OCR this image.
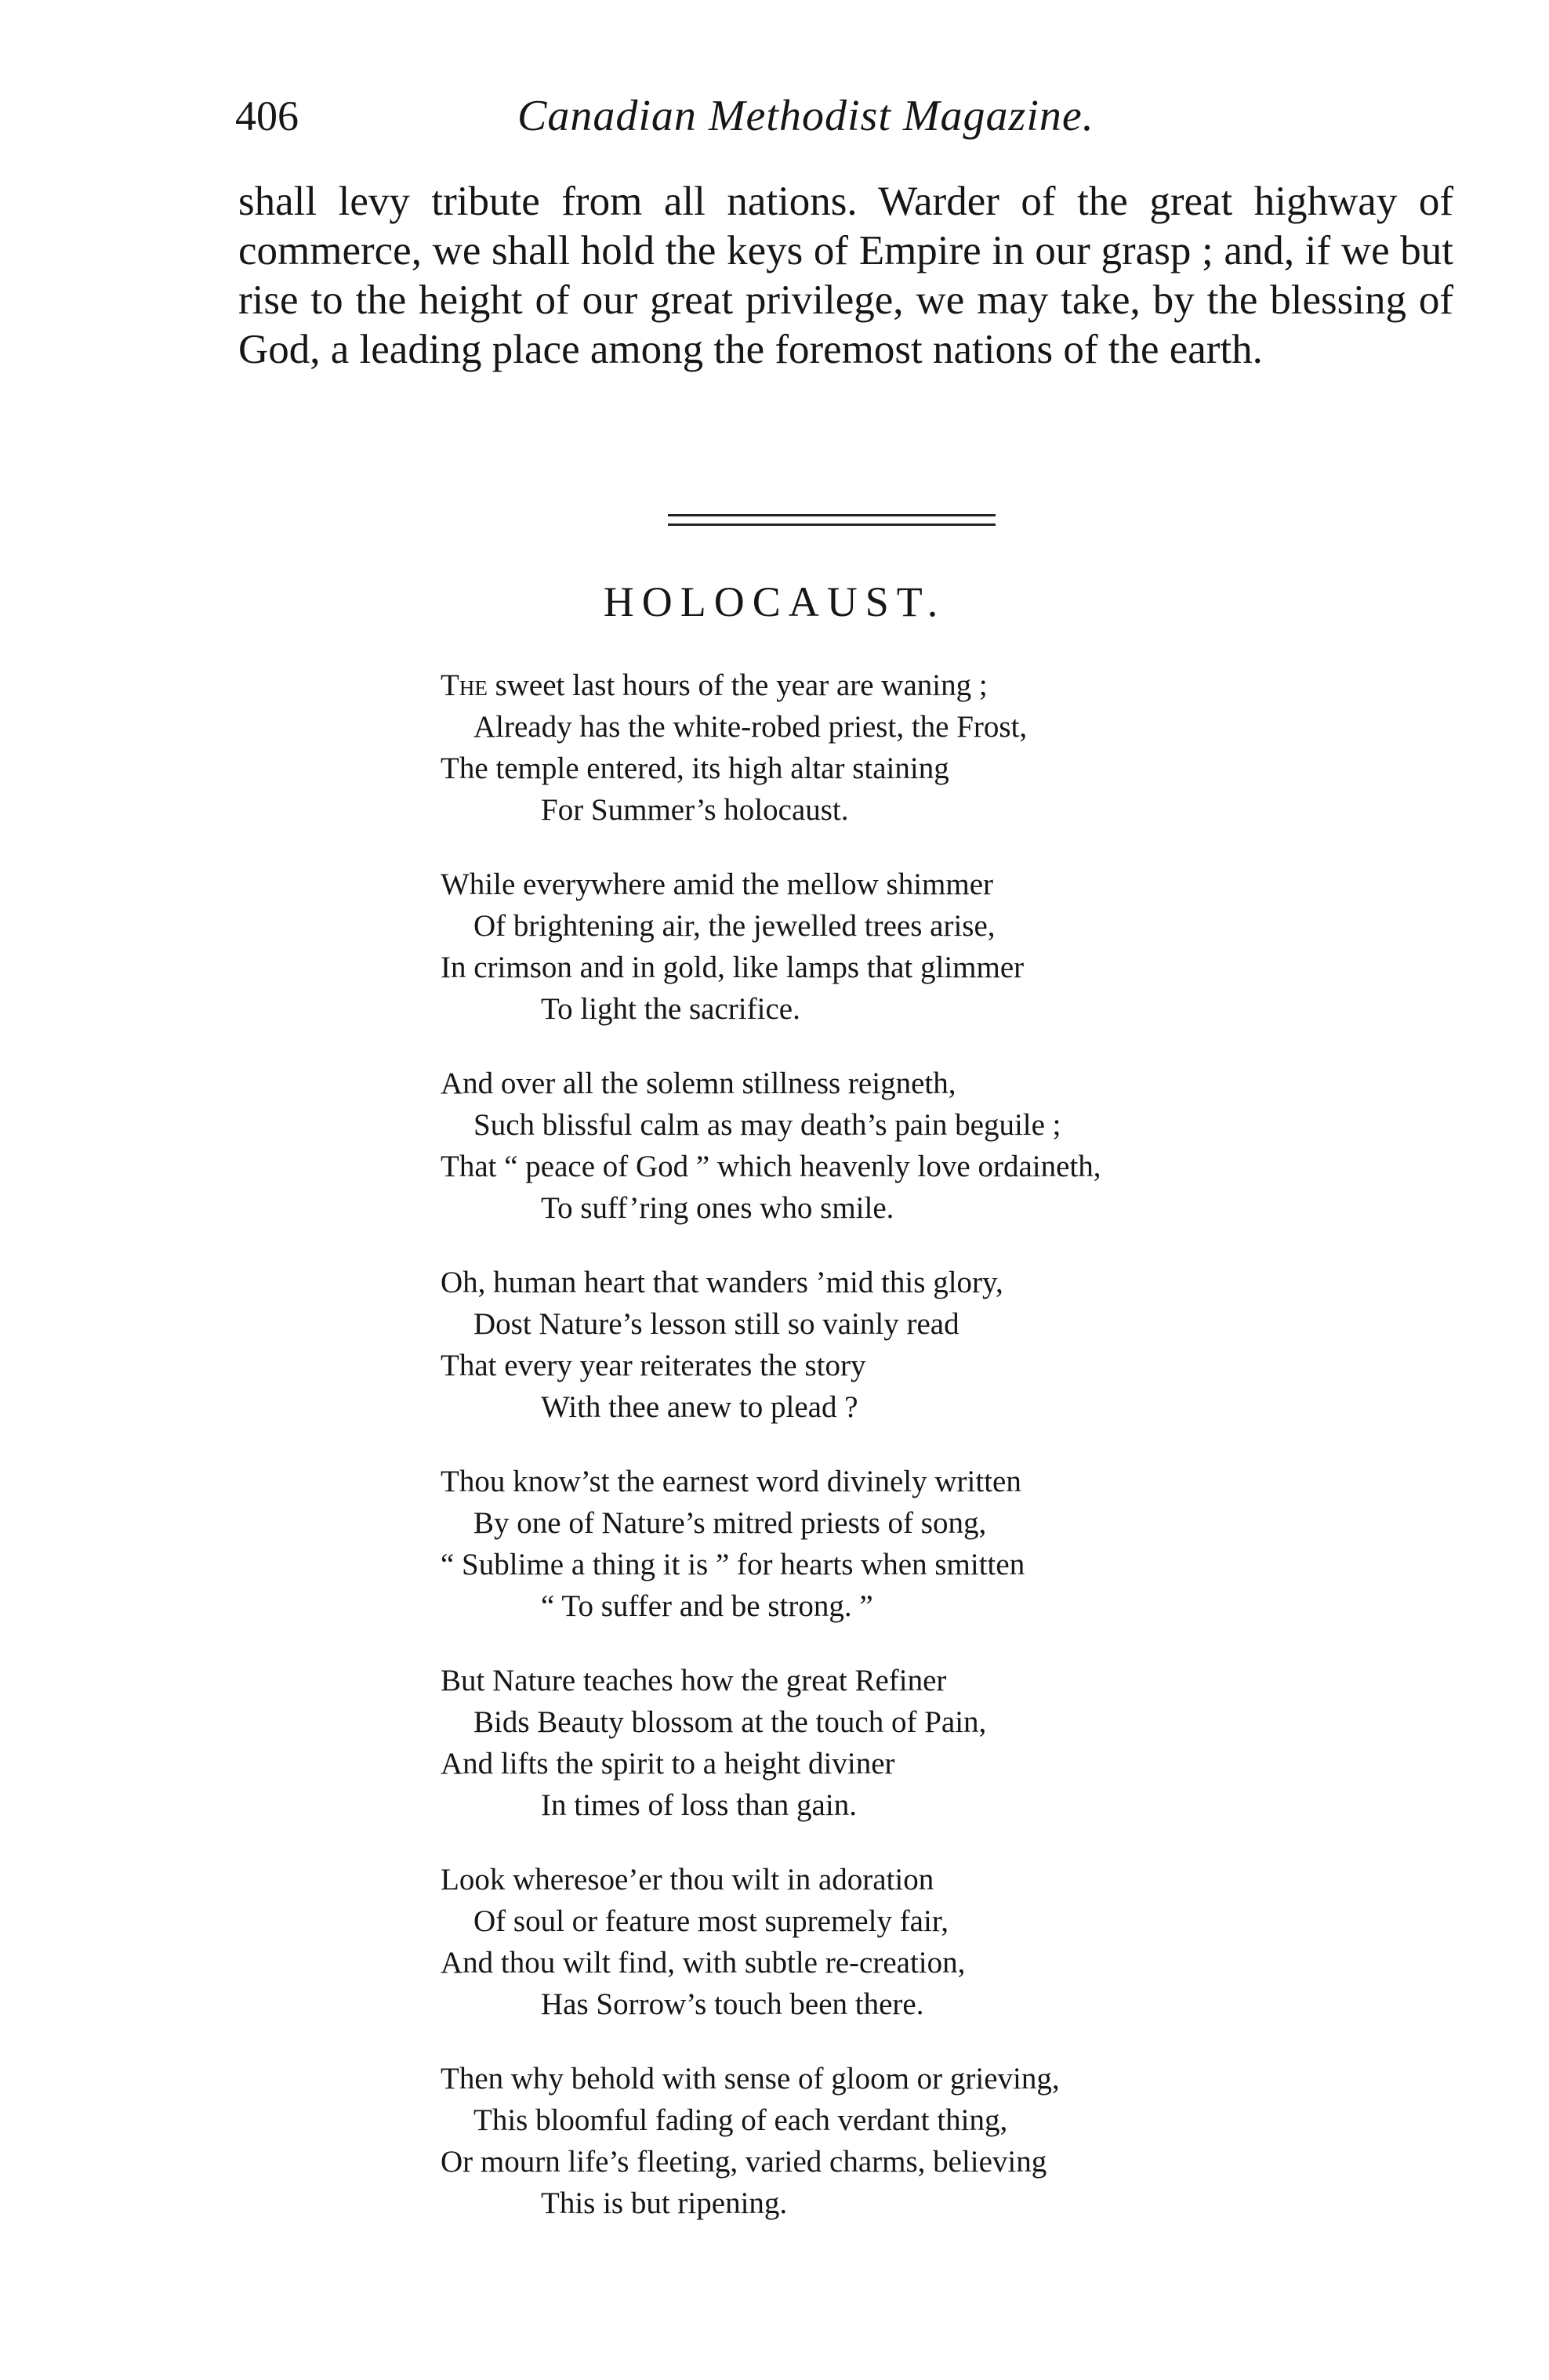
406	Canadian Methodist Magazine.

shall levy tribute from all nations. Warder of the great highway of commerce, we shall hold the keys of Empire in our grasp ; and, if we but rise to the height of our great privilege, we may take, by the blessing of God, a leading place among the foremost nations of the earth.

HOLOCAUST.
The sweet last hours of the year are waning ;
Already has the white-robed priest, the Frost,
The temple entered, its high altar staining
For Summer’s holocaust.
While everywhere amid the mellow shimmer
Of brightening air, the jewelled trees arise,
In crimson and in gold, like lamps that glimmer
To light the sacrifice.
And over all the solemn stillness reigneth,
Such blissful calm as may death’s pain beguile ;
That “ peace of God ” which heavenly love ordaineth,
To suff’ring ones who smile.
Oh, human heart that wanders ’mid this glory,
Dost Nature’s lesson still so vainly read
That every year reiterates the story
With thee anew to plead ?
Thou know’st the earnest word divinely written
By one of Nature’s mitred priests of song,
“ Sublime a thing it is ” for hearts when smitten
“ To suffer and be strong. ”
But Nature teaches how the great Refiner
Bids Beauty blossom at the touch of Pain,
And lifts the spirit to a height diviner
In times of loss than gain.
Look wheresoe’er thou wilt in adoration
Of soul or feature most supremely fair,
And thou wilt find, with subtle re-creation,
Has Sorrow’s touch been there.
Then why behold with sense of gloom or grieving,
This bloomful fading of each verdant thing,
Or mourn life’s fleeting, varied charms, believing
This is but ripening.
